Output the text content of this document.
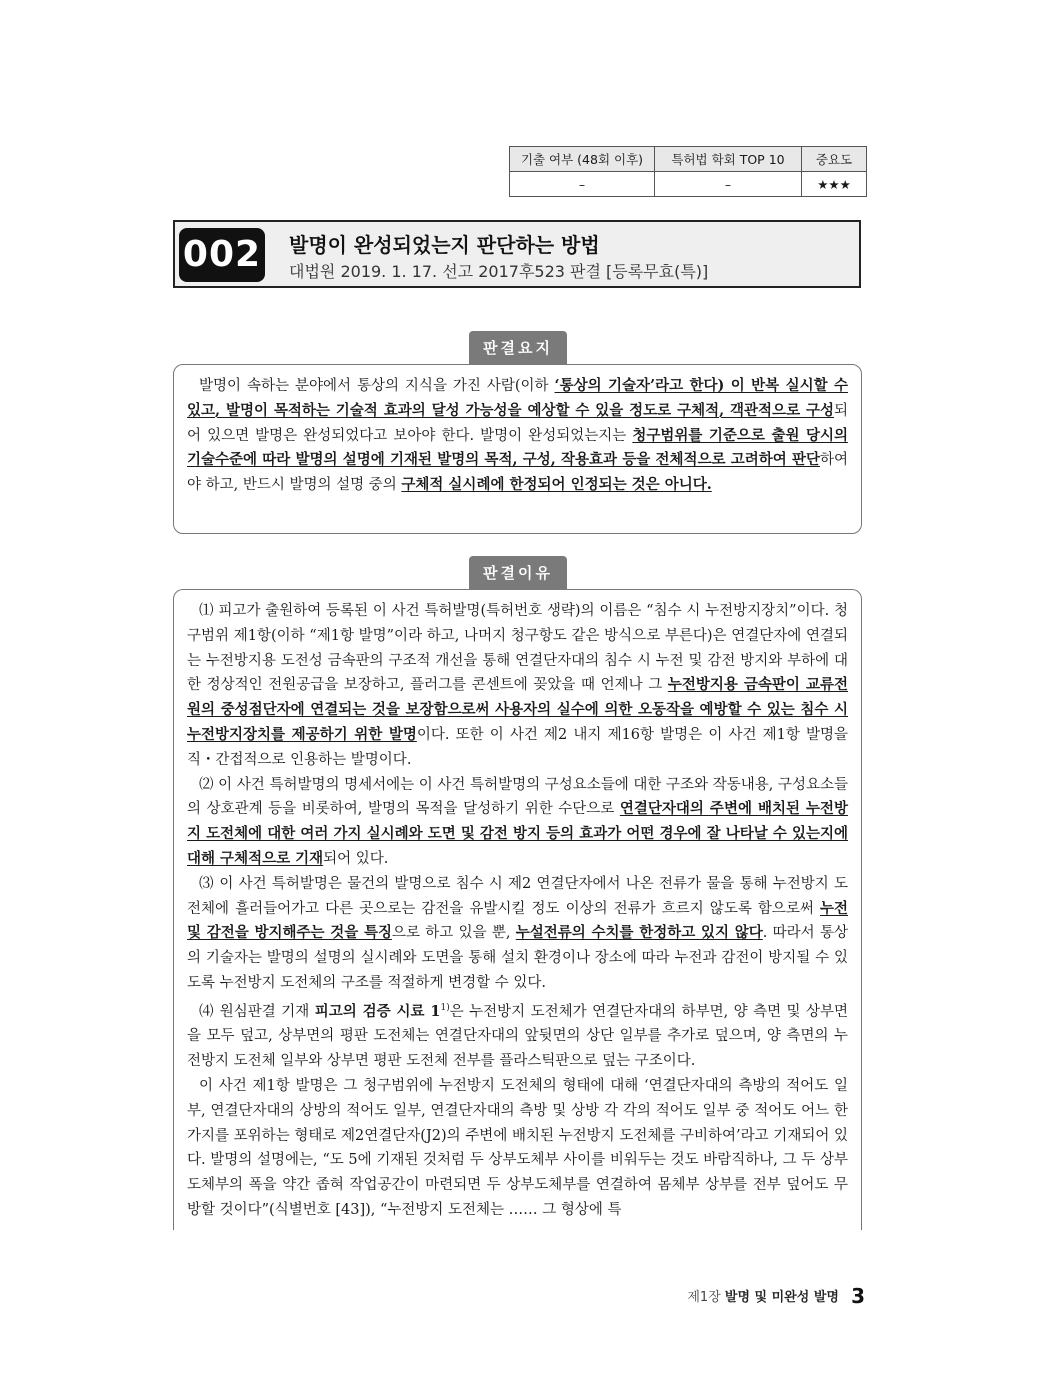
기출 여부 (48회 이후)	특허법 학회 TOP 10	중요도
–	–	★★★
002 발명이 완성되었는지 판단하는 방법
대법원 2019. 1. 17. 선고 2017후523 판결 [등록무효(특)]
판결요지

발명이 속하는 분야에서 통상의 지식을 가진 사람(이하 ‘통상의 기술자’라고 한다) 이 반복 실시할 수 있고, 발명이 목적하는 기술적 효과의 달성 가능성을 예상할 수 있을 정도로 구체적, 객관적으로 구성되어 있으면 발명은 완성되었다고 보아야 한다. 발명이 완성되었는지는 청구범위를 기준으로 출원 당시의 기술수준에 따라 발명의 설명에 기재된 발명의 목적, 구성, 작용효과 등을 전체적으로 고려하여 판단하여야 하고, 반드시 발명의 설명 중의 구체적 실시례에 한정되어 인정되는 것은 아니다.

판결이유

⑴ 피고가 출원하여 등록된 이 사건 특허발명(특허번호 생략)의 이름은 “침수 시 누전방지장치”이다. 청구범위 제1항(이하 “제1항 발명”이라 하고, 나머지 청구항도 같은 방식으로 부른다)은 연결단자에 연결되는 누전방지용 도전성 금속판의 구조적 개선을 통해 연결단자대의 침수 시 누전 및 감전 방지와 부하에 대한 정상적인 전원공급을 보장하고, 플러그를 콘센트에 꽂았을 때 언제나 그 누전방지용 금속판이 교류전원의 중성점단자에 연결되는 것을 보장함으로써 사용자의 실수에 의한 오동작을 예방할 수 있는 침수 시 누전방지장치를 제공하기 위한 발명이다. 또한 이 사건 제2 내지 제16항 발명은 이 사건 제1항 발명을 직・간접적으로 인용하는 발명이다.

⑵ 이 사건 특허발명의 명세서에는 이 사건 특허발명의 구성요소들에 대한 구조와 작동내용, 구성요소들의 상호관계 등을 비롯하여, 발명의 목적을 달성하기 위한 수단으로 연결단자대의 주변에 배치된 누전방지 도전체에 대한 여러 가지 실시례와 도면 및 감전 방지 등의 효과가 어떤 경우에 잘 나타날 수 있는지에 대해 구체적으로 기재되어 있다.

⑶ 이 사건 특허발명은 물건의 발명으로 침수 시 제2 연결단자에서 나온 전류가 물을 통해 누전방지 도전체에 흘러들어가고 다른 곳으로는 감전을 유발시킬 정도 이상의 전류가 흐르지 않도록 함으로써 누전 및 감전을 방지해주는 것을 특징으로 하고 있을 뿐, 누설전류의 수치를 한정하고 있지 않다. 따라서 통상의 기술자는 발명의 설명의 실시례와 도면을 통해 설치 환경이나 장소에 따라 누전과 감전이 방지될 수 있도록 누전방지 도전체의 구조를 적절하게 변경할 수 있다.

⑷ 원심판결 기재 피고의 검증 시료 1$^{1)}$은 누전방지 도전체가 연결단자대의 하부면, 양 측면 및 상부면을 모두 덮고, 상부면의 평판 도전체는 연결단자대의 앞뒷면의 상단 일부를 추가로 덮으며, 양 측면의 누전방지 도전체 일부와 상부면 평판 도전체 전부를 플라스틱판으로 덮는 구조이다.

이 사건 제1항 발명은 그 청구범위에 누전방지 도전체의 형태에 대해 ‘연결단자대의 측방의 적어도 일부, 연결단자대의 상방의 적어도 일부, 연결단자대의 측방 및 상방 각 각의 적어도 일부 중 적어도 어느 한 가지를 포위하는 형태로 제2연결단자(J2)의 주변에 배치된 누전방지 도전체를 구비하여’라고 기재되어 있다. 발명의 설명에는, “도 5에 기재된 것처럼 두 상부도체부 사이를 비워두는 것도 바람직하나, 그 두 상부도체부의 폭을 약간 좁혀 작업공간이 마련되면 두 상부도체부를 연결하여 몸체부 상부를 전부 덮어도 무방할 것이다”(식별번호 [43]), “누전방지 도전체는 …… 그 형상에 특

제1장 발명 및 미완성 발명 3
